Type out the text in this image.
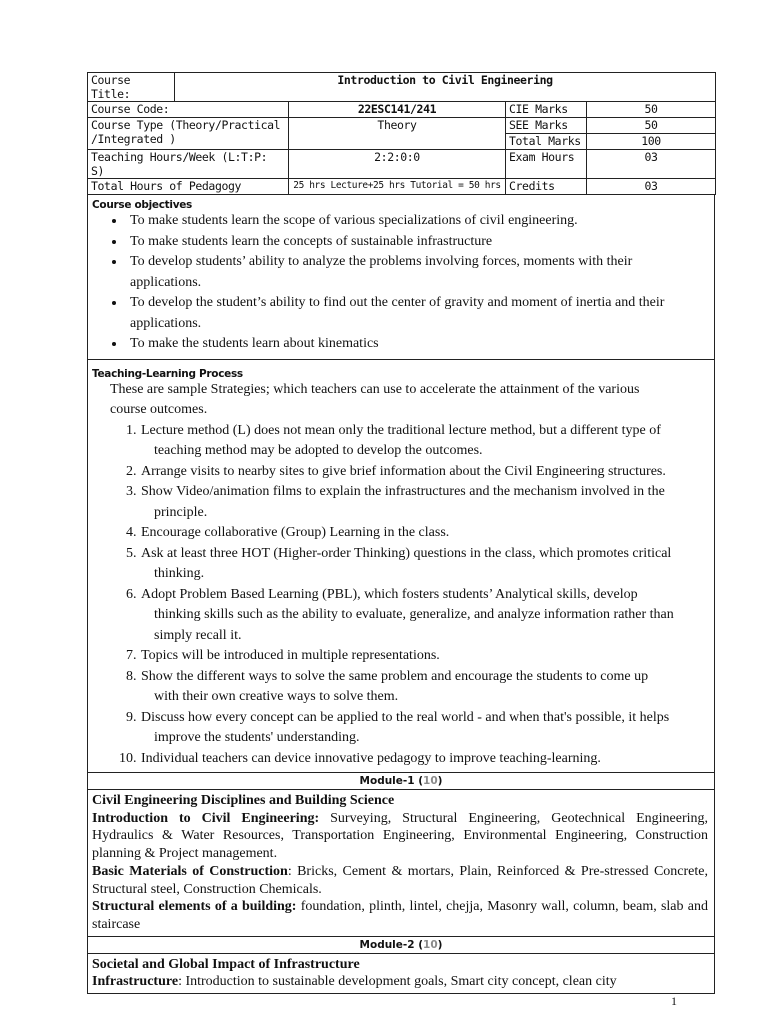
Course Title:	Introduction to Civil Engineering			
Course Code:		22ESC141/241	CIE Marks	50
Course Type (Theory/Practical
/Integrated )		Theory	SEE Marks	50
			Total Marks	100
Teaching Hours/Week (L:T:P: S)		2:2:0:0	Exam Hours	03
Total Hours of Pedagogy		25 hrs Lecture+25 hrs Tutorial = 50 hrs	Credits	03
Course objectives
• To make students learn the scope of various specializations of civil engineering.
• To make students learn the concepts of sustainable infrastructure
• To develop students’ ability to analyze the problems involving forces, moments with their
applications.
• To develop the student’s ability to find out the center of gravity and moment of inertia and their
applications.
• To make the students learn about kinematics
Teaching-Learning Process
These are sample Strategies; which teachers can use to accelerate the attainment of the various
course outcomes.
1. Lecture method (L) does not mean only the traditional lecture method, but a different type of
teaching method may be adopted to develop the outcomes.
2. Arrange visits to nearby sites to give brief information about the Civil Engineering structures.
3. Show Video/animation films to explain the infrastructures and the mechanism involved in the
principle.
4. Encourage collaborative (Group) Learning in the class.
5. Ask at least three HOT (Higher-order Thinking) questions in the class, which promotes critical
thinking.
6. Adopt Problem Based Learning (PBL), which fosters students’ Analytical skills, develop
thinking skills such as the ability to evaluate, generalize, and analyze information rather than
simply recall it.
7. Topics will be introduced in multiple representations.
8. Show the different ways to solve the same problem and encourage the students to come up
with their own creative ways to solve them.
9. Discuss how every concept can be applied to the real world - and when that's possible, it helps
improve the students' understanding.
10. Individual teachers can device innovative pedagogy to improve teaching-learning.
Module-1 (10)

Civil Engineering Disciplines and Building Science

Introduction to Civil Engineering: Surveying, Structural Engineering, Geotechnical Engineering, Hydraulics & Water Resources, Transportation Engineering, Environmental Engineering, Construction planning & Project management.

Basic Materials of Construction: Bricks, Cement & mortars, Plain, Reinforced & Pre-stressed Concrete, Structural steel, Construction Chemicals.

Structural elements of a building: foundation, plinth, lintel, chejja, Masonry wall, column, beam, slab and staircase

Module-2 (10)

Societal and Global Impact of Infrastructure

Infrastructure: Introduction to sustainable development goals, Smart city concept, clean city

1
